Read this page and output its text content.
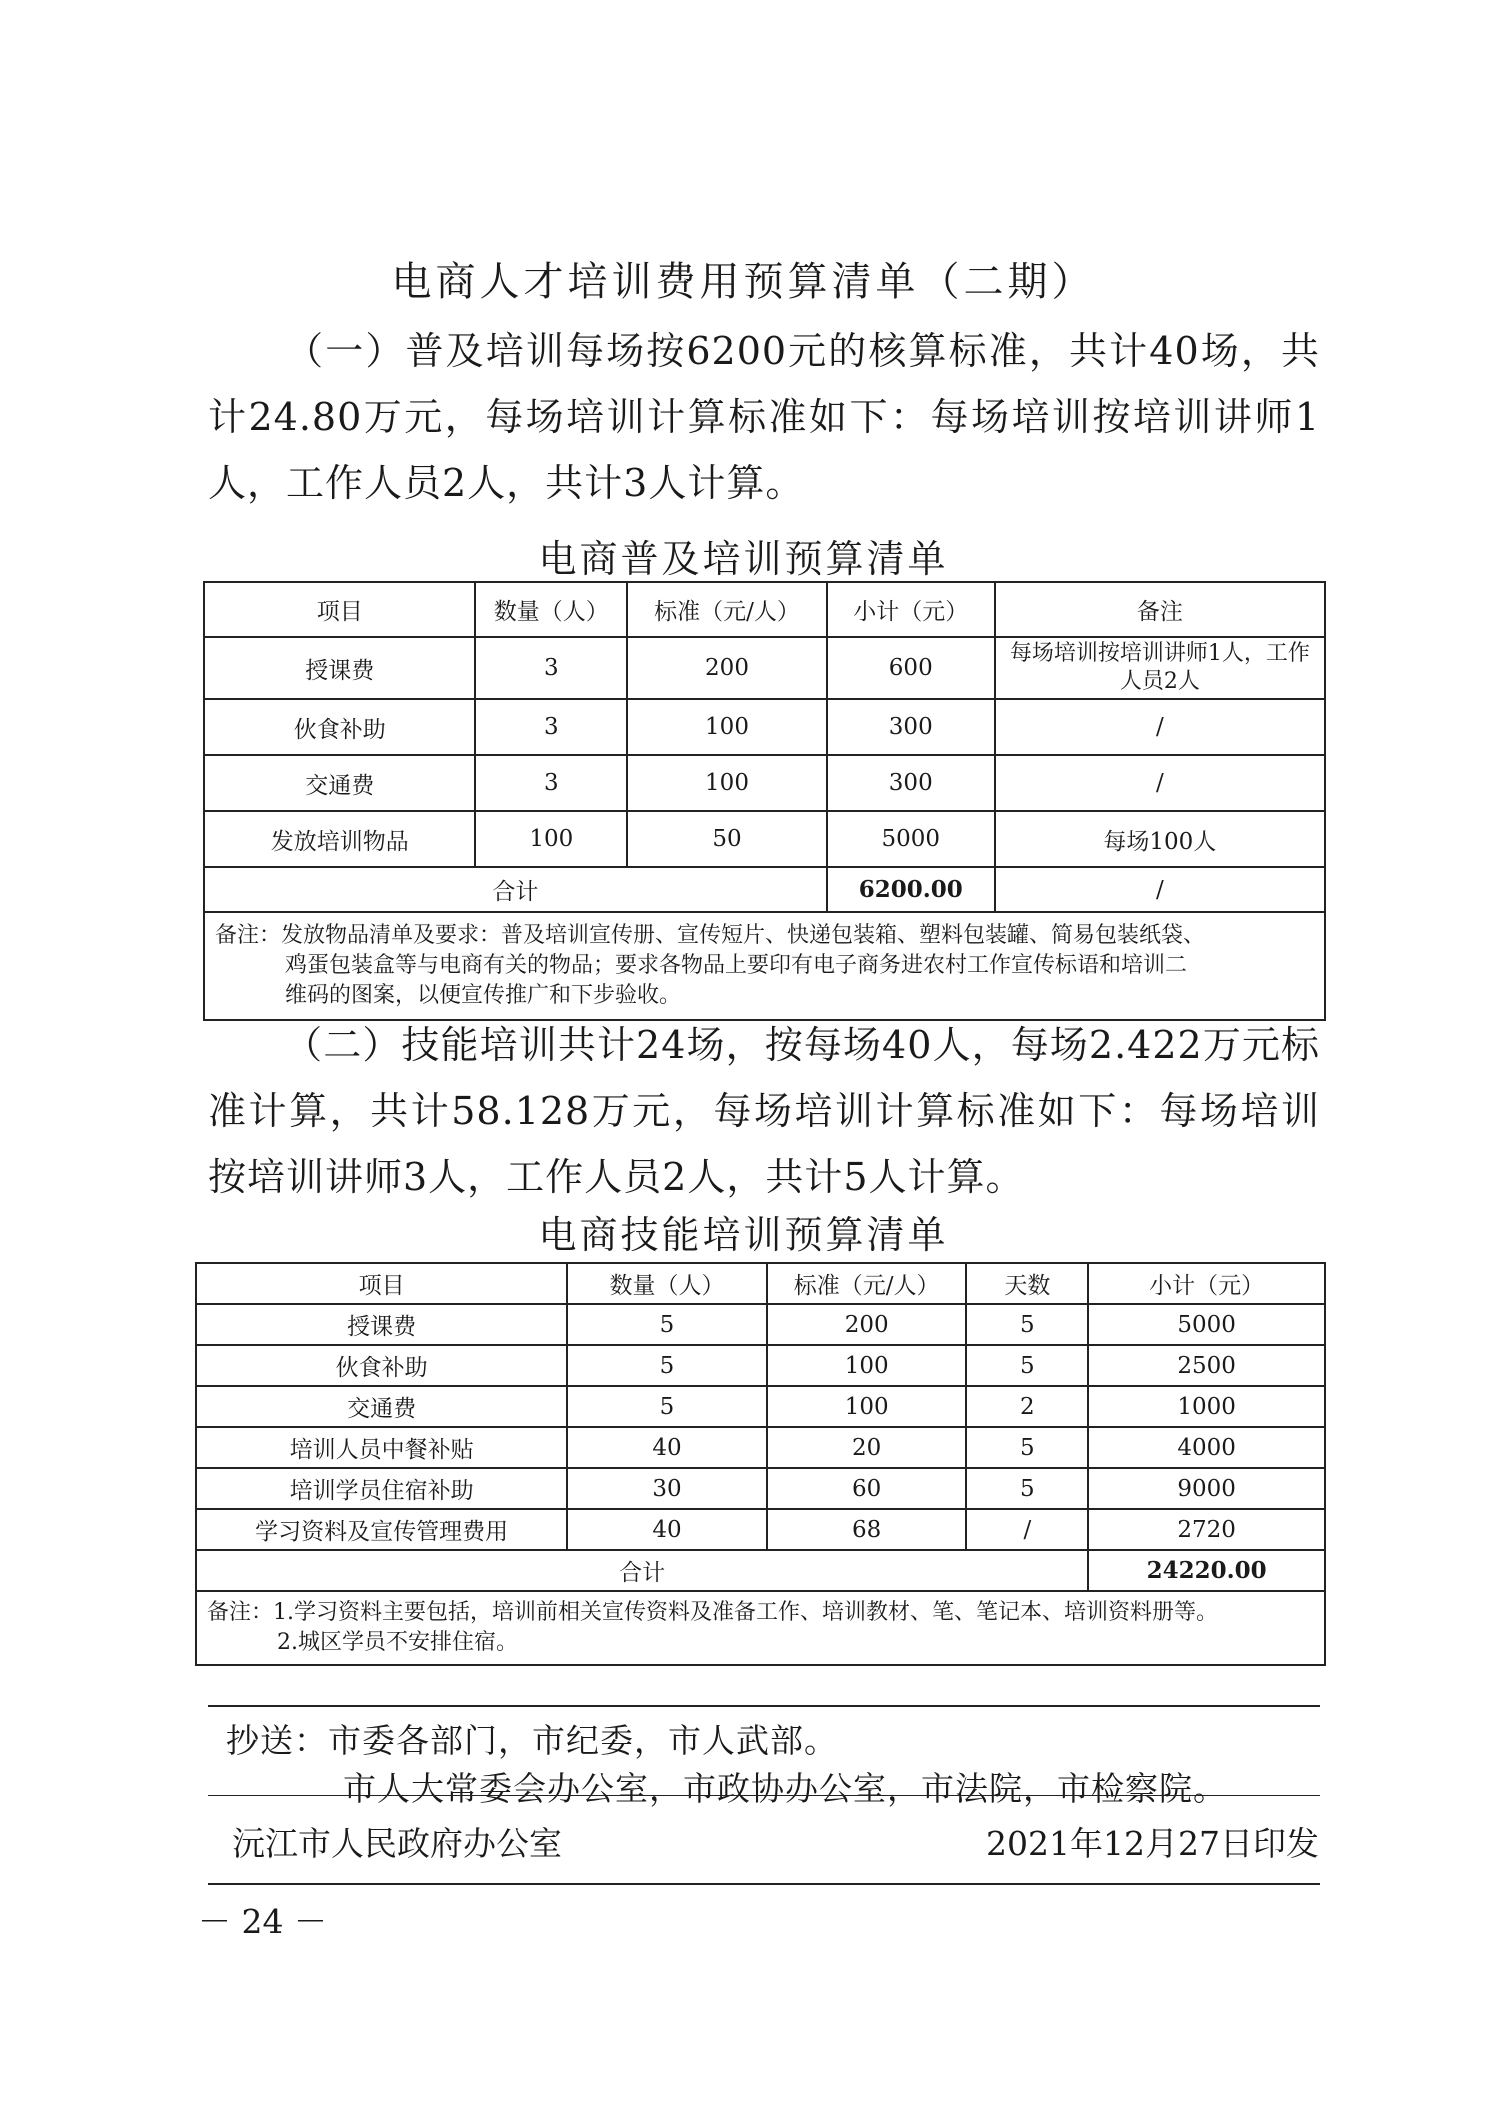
电商人才培训费用预算清单（二期）

（一）普及培训每场按6200元的核算标准，共计40场，共计24.80万元，每场培训计算标准如下：每场培训按培训讲师1人，工作人员2人，共计3人计算。

电商普及培训预算清单
项目	数量（人）	标准（元/人）	小计（元）	备注
授课费	3	200	600	每场培训按培训讲师1人，工作人员2人
伙食补助	3	100	300	/
交通费	3	100	300	/
发放培训物品	100	50	5000	每场100人
合计			6200.00	/
备注：发放物品清单及要求：普及培训宣传册、宣传短片、快递包装箱、塑料包装罐、简易包装纸袋、
鸡蛋包装盒等与电商有关的物品；要求各物品上要印有电子商务进农村工作宣传标语和培训二
维码的图案，以便宣传推广和下步验收。				

（二）技能培训共计24场，按每场40人，每场2.422万元标准计算，共计58.128万元，每场培训计算标准如下：每场培训按培训讲师3人，工作人员2人，共计5人计算。

电商技能培训预算清单
项目	数量（人）	标准（元/人）	天数	小计（元）
授课费	5	200	5	5000
伙食补助	5	100	5	2500
交通费	5	100	2	1000
培训人员中餐补贴	40	20	5	4000
培训学员住宿补助	30	60	5	9000
学习资料及宣传管理费用	40	68	/	2720
合计				24220.00
备注：1.学习资料主要包括，培训前相关宣传资料及准备工作、培训教材、笔、笔记本、培训资料册等。
2.城区学员不安排住宿。				
抄送：市委各部门，市纪委，市人武部。
市人大常委会办公室，市政协办公室，市法院，市检察院。
沅江市人民政府办公室	2021年12月27日印发
－ 24 －
